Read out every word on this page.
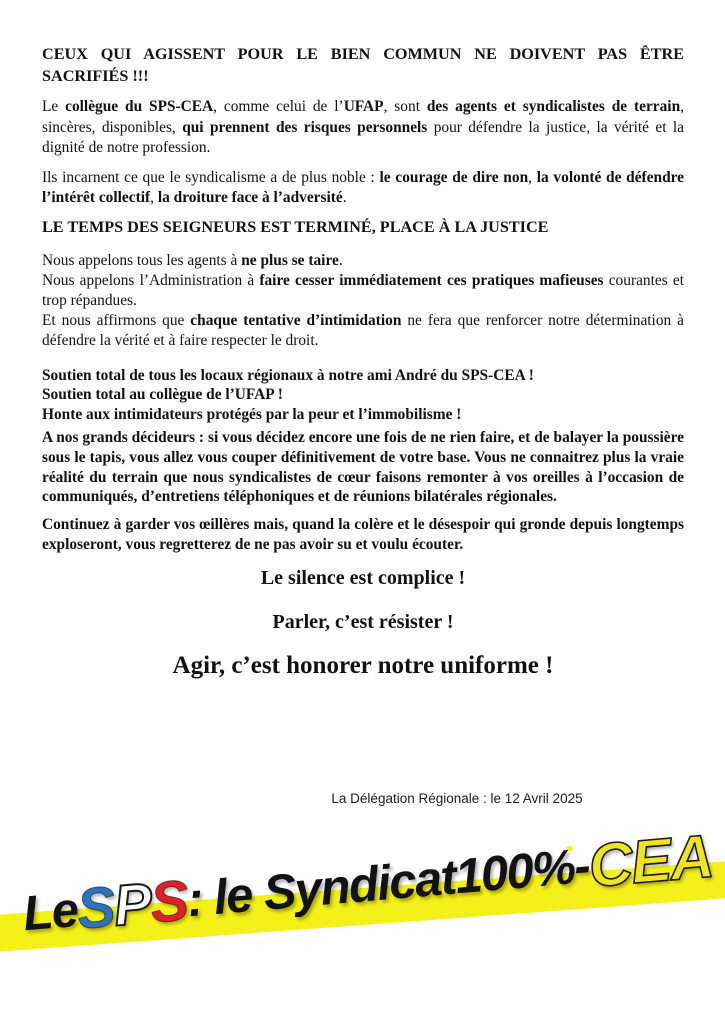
CEUX QUI AGISSENT POUR LE BIEN COMMUN NE DOIVENT PAS ÊTRE
SACRIFIÉS !!!
Le collègue du SPS-CEA, comme celui de l’UFAP, sont des agents et syndicalistes de terrain, sincères, disponibles, qui prennent des risques personnels pour défendre la justice, la vérité et la dignité de notre profession.
Ils incarnent ce que le syndicalisme a de plus noble : le courage de dire non, la volonté de défendre l’intérêt collectif, la droiture face à l’adversité.
LE TEMPS DES SEIGNEURS EST TERMINÉ, PLACE À LA JUSTICE
Nous appelons tous les agents à ne plus se taire.
Nous appelons l’Administration à faire cesser immédiatement ces pratiques mafieuses courantes et trop répandues.
Et nous affirmons que chaque tentative d’intimidation ne fera que renforcer notre détermination à défendre la vérité et à faire respecter le droit.
Soutien total de tous les locaux régionaux à notre ami André du SPS-CEA !
Soutien total au collègue de l’UFAP !
Honte aux intimidateurs protégés par la peur et l’immobilisme !
A nos grands décideurs : si vous décidez encore une fois de ne rien faire, et de balayer la poussière sous le tapis, vous allez vous couper définitivement de votre base. Vous ne connaitrez plus la vraie réalité du terrain que nous syndicalistes de cœur faisons remonter à vos oreilles à l’occasion de communiqués, d’entretiens téléphoniques et de réunions bilatérales régionales.
Continuez à garder vos œillères mais, quand la colère et le désespoir qui gronde depuis longtemps exploseront, vous regretterez de ne pas avoir su et voulu écouter.
Le silence est complice !
Parler, c’est résister !
Agir, c’est honorer notre uniforme !
La Délégation Régionale : le 12 Avril 2025
Le
S
P
S
: le Syndicat
100%-
CEA
